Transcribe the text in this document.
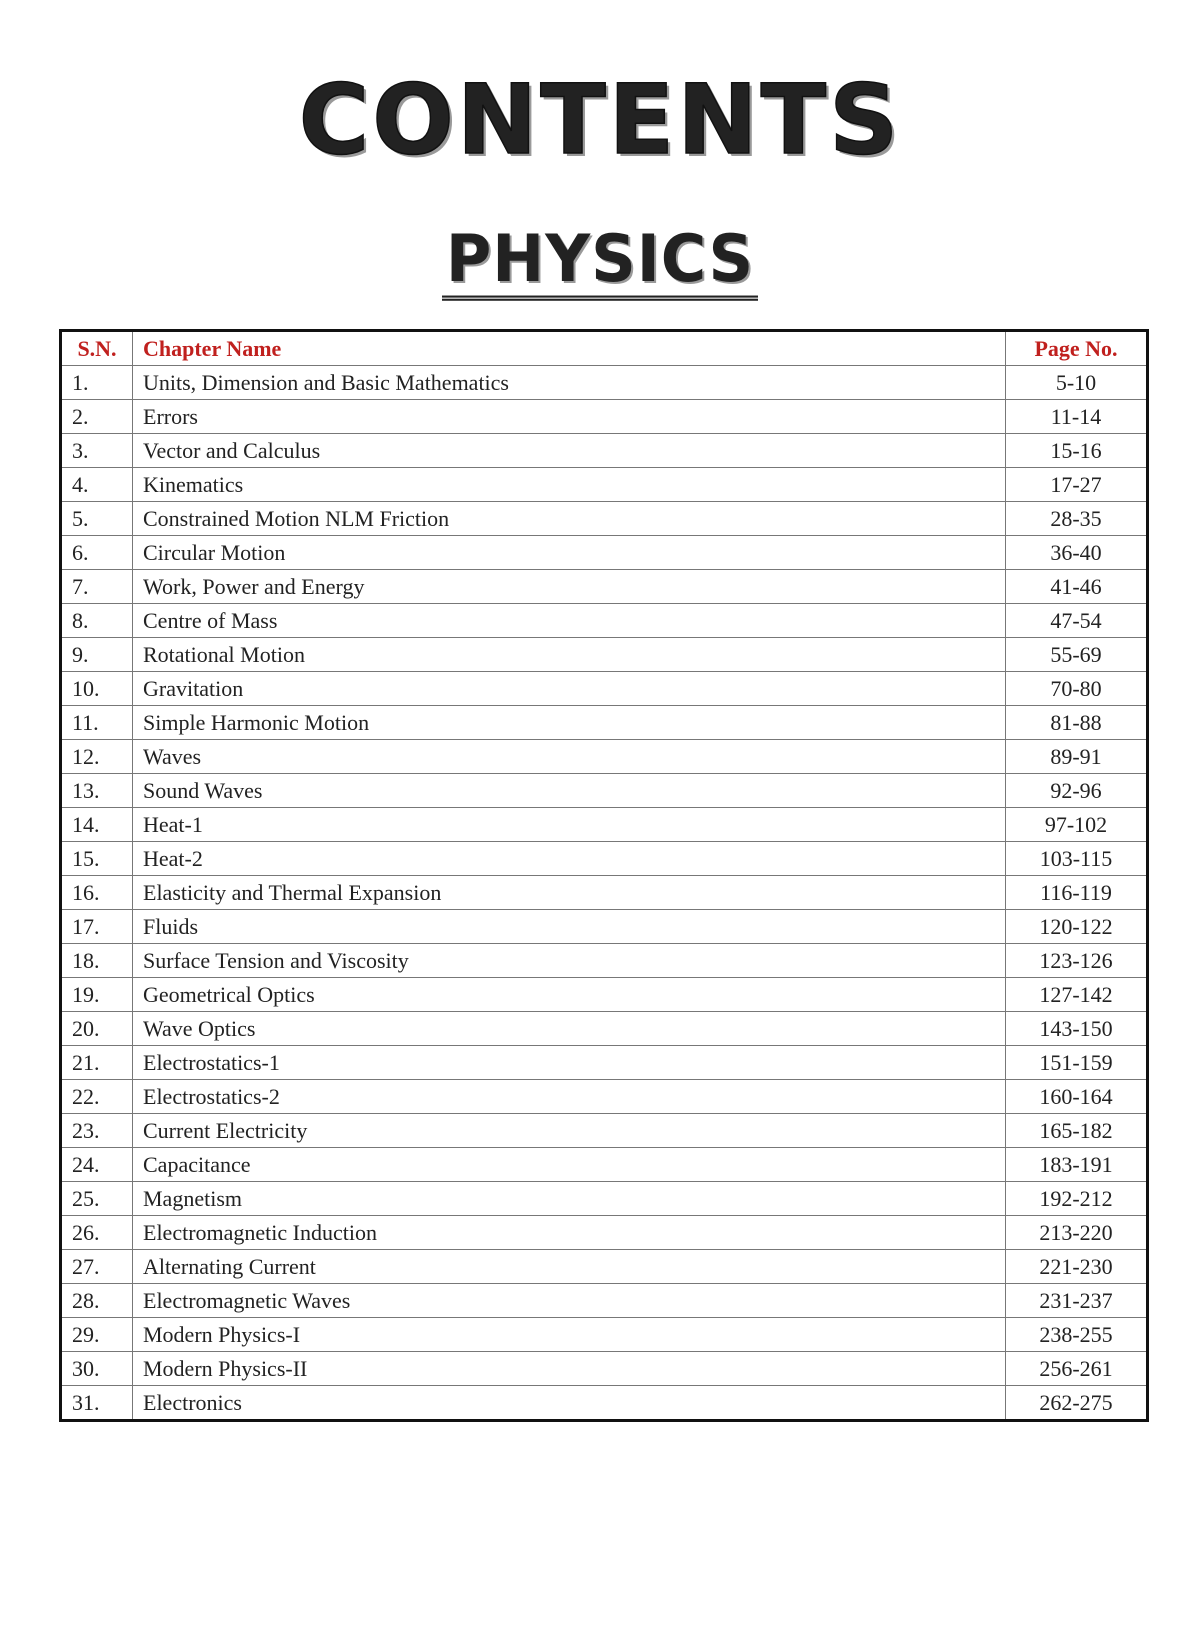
CONTENTS
PHYSICS
S.N.	Chapter Name	Page No.
1.	Units, Dimension and Basic Mathematics	5-10
2.	Errors	11-14
3.	Vector and Calculus	15-16
4.	Kinematics	17-27
5.	Constrained Motion NLM Friction	28-35
6.	Circular Motion	36-40
7.	Work, Power and Energy	41-46
8.	Centre of Mass	47-54
9.	Rotational Motion	55-69
10.	Gravitation	70-80
11.	Simple Harmonic Motion	81-88
12.	Waves	89-91
13.	Sound Waves	92-96
14.	Heat-1	97-102
15.	Heat-2	103-115
16.	Elasticity and Thermal Expansion	116-119
17.	Fluids	120-122
18.	Surface Tension and Viscosity	123-126
19.	Geometrical Optics	127-142
20.	Wave Optics	143-150
21.	Electrostatics-1	151-159
22.	Electrostatics-2	160-164
23.	Current Electricity	165-182
24.	Capacitance	183-191
25.	Magnetism	192-212
26.	Electromagnetic Induction	213-220
27.	Alternating Current	221-230
28.	Electromagnetic Waves	231-237
29.	Modern Physics-I	238-255
30.	Modern Physics-II	256-261
31.	Electronics	262-275
